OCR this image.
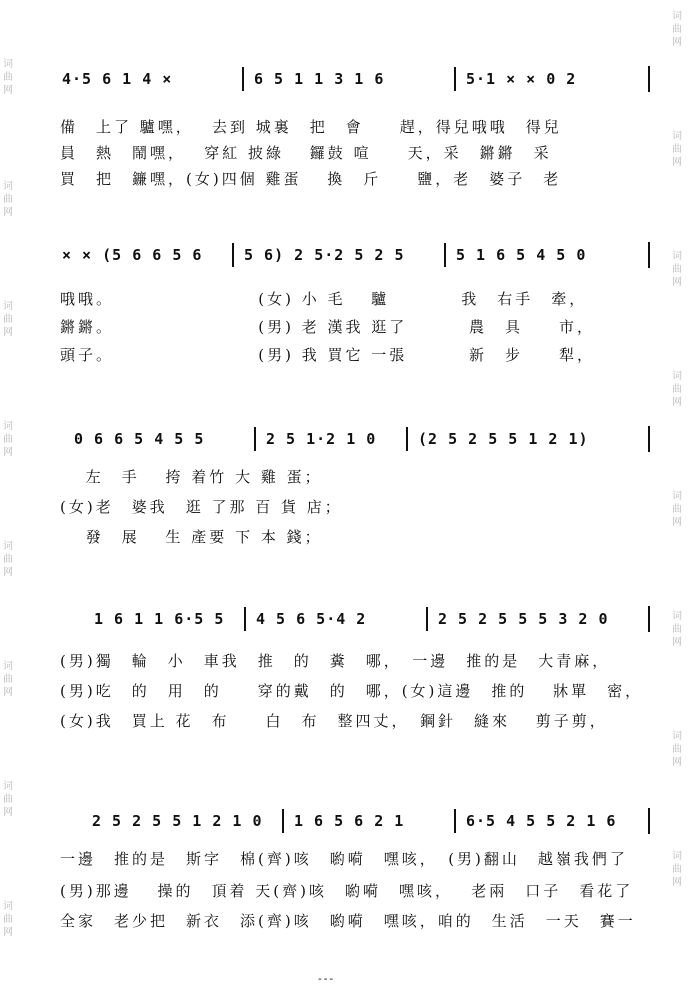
词曲网
词曲网
词曲网
词曲网
词曲网
词曲网
词曲网
词曲网
词曲网
词曲网
词曲网
词曲网
词曲网
词曲网
词曲网
词曲网
4·5 6 1 4 ×	6 5 1 1 3 1 6	5·1 × × 0 2
備　上了 驢嘿，　 去到 城裏　把　會　　趕，得兒哦哦　得兒
員　熱　鬧嘿，　 穿紅 披綠　 鑼鼓 喧　　天，采　鏘鏘　采
買　把　鐮嘿，(女)四個 雞蛋　 換　斤　　鹽，老　婆子　老
× × (5 6 6 5 6	5 6) 2 5·2 5 2 5	5 1 6 5 4 5 0
哦哦。　　　　　　　　 (女) 小 毛　 驢　　　　我　右手　牽，
鏘鏘。　　　　　　　　 (男) 老 漢我 逛了　　　 農　具　　市，
頭子。　　　　　　　　 (男) 我 買它 一張　　　 新　步　　犁，
0 6 6 5 4 5 5	2 5 1·2 1 0	(2 5 2 5 5 1 2 1)
　 左　手　 挎 着竹 大 雞 蛋；
(女)老　婆我　逛 了那 百 貨 店；
　 發　展　 生 產要 下 本 錢；
1 6 1 1 6·5 5 4 5 6 5·4 2	2 5 2 5 5 5 3 2 0
(男)獨　輪　小　車我　推　的　糞　哪，　一邊　推的是　大青麻，
(男)吃　的　用　的　　穿的戴　的　哪，(女)這邊　推的　 牀單　密，
(女)我　買上 花　布　　白　布　整四丈，　鋼針　縫來　 剪子剪，
2 5 2 5 5 1 2 1 0 1 6 5 6 2 1	6·5 4 5 5 2 1 6
一邊　推的是　斯字　棉(齊)咳　喲嗬　嘿咳，　(男)翻山　越嶺我們了
(男)那邊　 操的　頂着 天(齊)咳　喲嗬　嘿咳，　 老兩　口子　看花了
全家　老少把　新衣　添(齊)咳　喲嗬　嘿咳，咱的　生活　一天　賽一
---
